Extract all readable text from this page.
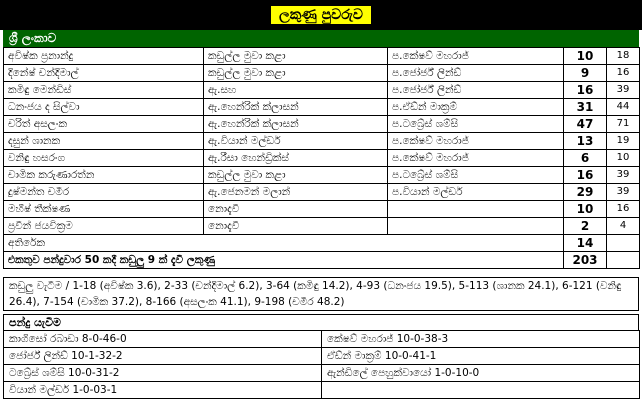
ලකුණු පුවරුව
ශ්‍රී ලංකාව
අවිෂ්ක ප්‍රනාන්දු	කඩුල්ල මුවා කළා	ප.කේෂව් මහරාජ්	10	18
දිනේෂ් චන්දිමාල්	කඩුල්ල මුවා කළා	ප.ජෝර්ජ් ලින්ඩ්	9	16
කමිඳු මෙන්ඩිස්	ඇ.සහ	ප.ජෝර්ජ් ලින්ඩ්	16	39
ධනංජය ද සිල්වා	ඇ.හෙන්රික් ක්ලාසන්	ප.ඒඩ්න් මාක්‍රම්	31	44
චරිත් අසලංක	ඇ.හෙන්රික් ක්ලාසන්	ප.ටබ්‍රේස් ශම්සි	47	71
දසුන් ශානක	ඇ.වියාන් මල්ඩර්	ප.කේෂව් මහරාජ්	13	19
වනිඳු හසරංග	ඇ.රීසා හෙන්ඩ්‍රික්ස්	ප.කේෂව් මහරාජ්	6	10
චාමික කරුණාරත්න	කඩුල්ල මුවා කළා	ප.ටබ්‍රේස් ශම්සි	16	39
දුෂ්මන්ත චමීර	ඇ.ජෙනමන් මලාන්	ප.වියාන් මල්ඩර්	29	39
මහීෂ් තීක්ෂණ	නොදැවී		10	16
ප්‍රවීන් ජයවික්‍රම	නොදැවී		2	4
අතිරේක			14	
එකතුව පන්දුවාර 50 කදී කඩුලු 9 ක් දැවී ලකුණු			203	
කඩුලු වැටීම / 1-18 (අවිෂ්ක 3.6), 2-33 (චන්දිමාල් 6.2), 3-64 (කමිඳු 14.2), 4-93 (ධනංජය 19.5), 5-113 (ශානක 24.1), 6-121 (වනිඳු 26.4), 7-154 (චාමික 37.2), 8-166 (අසලංක 41.1), 9-198 (චමීර 48.2)
පන්දු යැවීම
කාගිසෝ රබාඩා 8-0-46-0	කේෂව් මහරාජ් 10-0-38-3
ජෝර්ජ් ලින්ඩ් 10-1-32-2	ඒඩ්න් මාක්‍රම් 10-0-41-1
ටබ්‍රේස් ශම්සි 10-0-31-2	ඇන්ඩිලේ පෙහුක්වායෝ 1-0-10-0
වියාන් මල්ඩර් 1-0-03-1	
